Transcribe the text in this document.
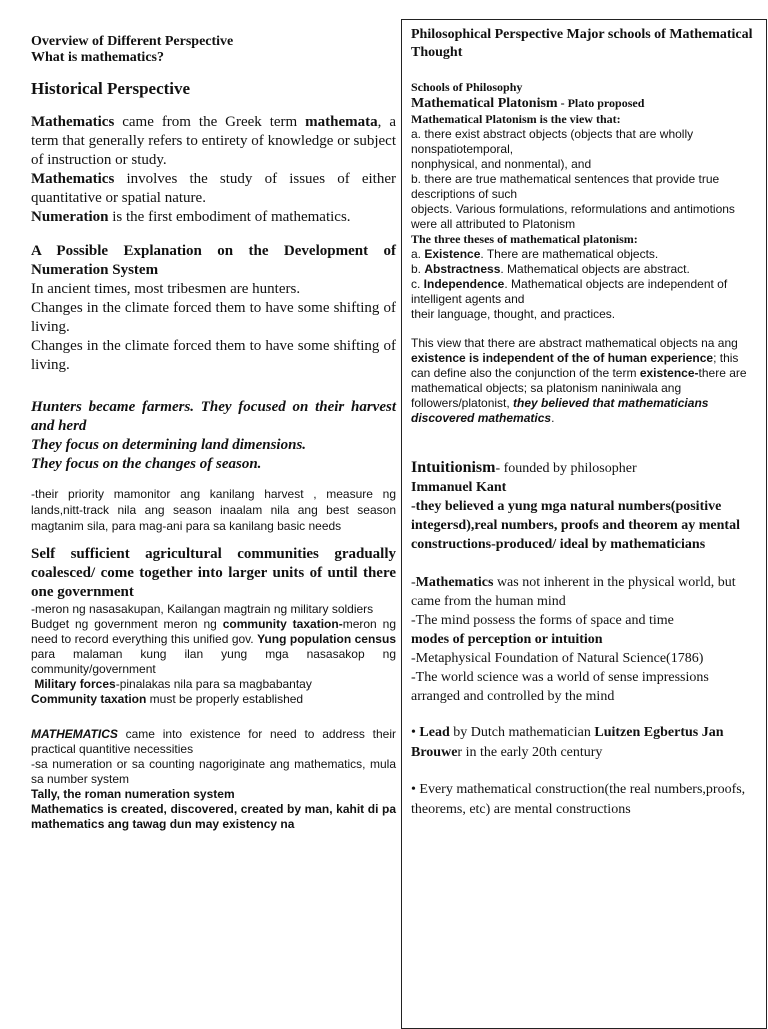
Overview of Different Perspective

What is mathematics?

Historical Perspective

Mathematics came from the Greek term mathemata, a term that generally refers to entirety of knowledge or subject of instruction or study.

Mathematics involves the study of issues of either quantitative or spatial nature.

Numeration is the first embodiment of mathematics.

A Possible Explanation on the Development of Numeration System

In ancient times, most tribesmen are hunters.

Changes in the climate forced them to have some shifting of living.

Changes in the climate forced them to have some shifting of living.

Hunters became farmers. They focused on their harvest and herd

They focus on determining land dimensions.

They focus on the changes of season.

-their priority mamonitor ang kanilang harvest , measure ng lands,nitt-track nila ang season inaalam nila ang best season magtanim sila, para mag-ani para sa kanilang basic needs

Self sufficient agricultural communities gradually coalesced/ come together into larger units of until there one government

-meron ng nasasakupan, Kailangan magtrain ng military soldiers

Budget ng government meron ng community taxation-meron ng need to record everything this unified gov. Yung population census para malaman kung ilan yung mga nasasakop ng community/government

Military forces-pinalakas nila para sa magbabantay

Community taxation must be properly established

MATHEMATICS came into existence for need to address their practical quantitive necessities

-sa numeration or sa counting nagoriginate ang mathematics, mula sa number system

Tally, the roman numeration system

Mathematics is created, discovered, created by man, kahit di pa mathematics ang tawag dun may existency na

Philosophical Perspective Major schools of Mathematical Thought

Schools of Philosophy

Mathematical Platonism - Plato proposed

Mathematical Platonism is the view that:

a. there exist abstract objects (objects that are wholly nonspatiotemporal,

nonphysical, and nonmental), and

b. there are true mathematical sentences that provide true descriptions of such

objects. Various formulations, reformulations and antimotions were all attributed to Platonism

The three theses of mathematical platonism:

a. Existence. There are mathematical objects.

b. Abstractness. Mathematical objects are abstract.

c. Independence. Mathematical objects are independent of intelligent agents and

their language, thought, and practices.

This view that there are abstract mathematical objects na ang existence is independent of the of human experience; this can define also the conjunction of the term existence-there are mathematical objects; sa platonism naniniwala ang followers/platonist, they believed that mathematicians discovered mathematics.

Intuitionism- founded by philosopher

Immanuel Kant

-they believed a yung mga natural numbers(positive integersd),real numbers, proofs and theorem ay mental constructions-produced/ ideal by mathematicians

-Mathematics was not inherent in the physical world, but came from the human mind

-The mind possess the forms of space and time

modes of perception or intuition

-Metaphysical Foundation of Natural Science(1786)

-The world science was a world of sense impressions arranged and controlled by the mind

• Lead by Dutch mathematician Luitzen Egbertus Jan Brouwer in the early 20th century

• Every mathematical construction(the real numbers,proofs, theorems, etc) are mental constructions
